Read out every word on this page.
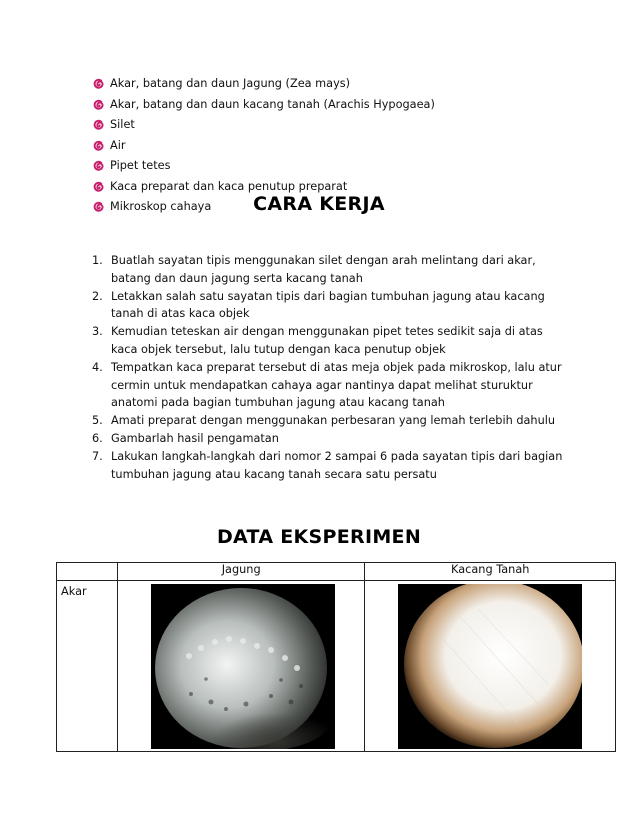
Akar, batang dan daun Jagung (Zea mays)
Akar, batang dan daun kacang tanah (Arachis Hypogaea)
Silet
Air
Pipet tetes
Kaca preparat dan kaca penutup preparat
Mikroskop cahaya	CARA KERJA
1. Buatlah sayatan tipis menggunakan silet dengan arah melintang dari akar, batang dan daun jagung serta kacang tanah
2. Letakkan salah satu sayatan tipis dari bagian tumbuhan jagung atau kacang tanah di atas kaca objek
3. Kemudian teteskan air dengan menggunakan pipet tetes sedikit saja di atas kaca objek tersebut, lalu tutup dengan kaca penutup objek
4. Tempatkan kaca preparat tersebut di atas meja objek pada mikroskop, lalu atur cermin untuk mendapatkan cahaya agar nantinya dapat melihat sturuktur anatomi pada bagian tumbuhan jagung atau kacang tanah
5. Amati preparat dengan menggunakan perbesaran yang lemah terlebih dahulu
6. Gambarlah hasil pengamatan
7. Lakukan langkah-langkah dari nomor 2 sampai 6 pada sayatan tipis dari bagian tumbuhan jagung atau kacang tanah secara satu persatu
DATA EKSPERIMEN
	Jagung	Kacang Tanah
Akar	
